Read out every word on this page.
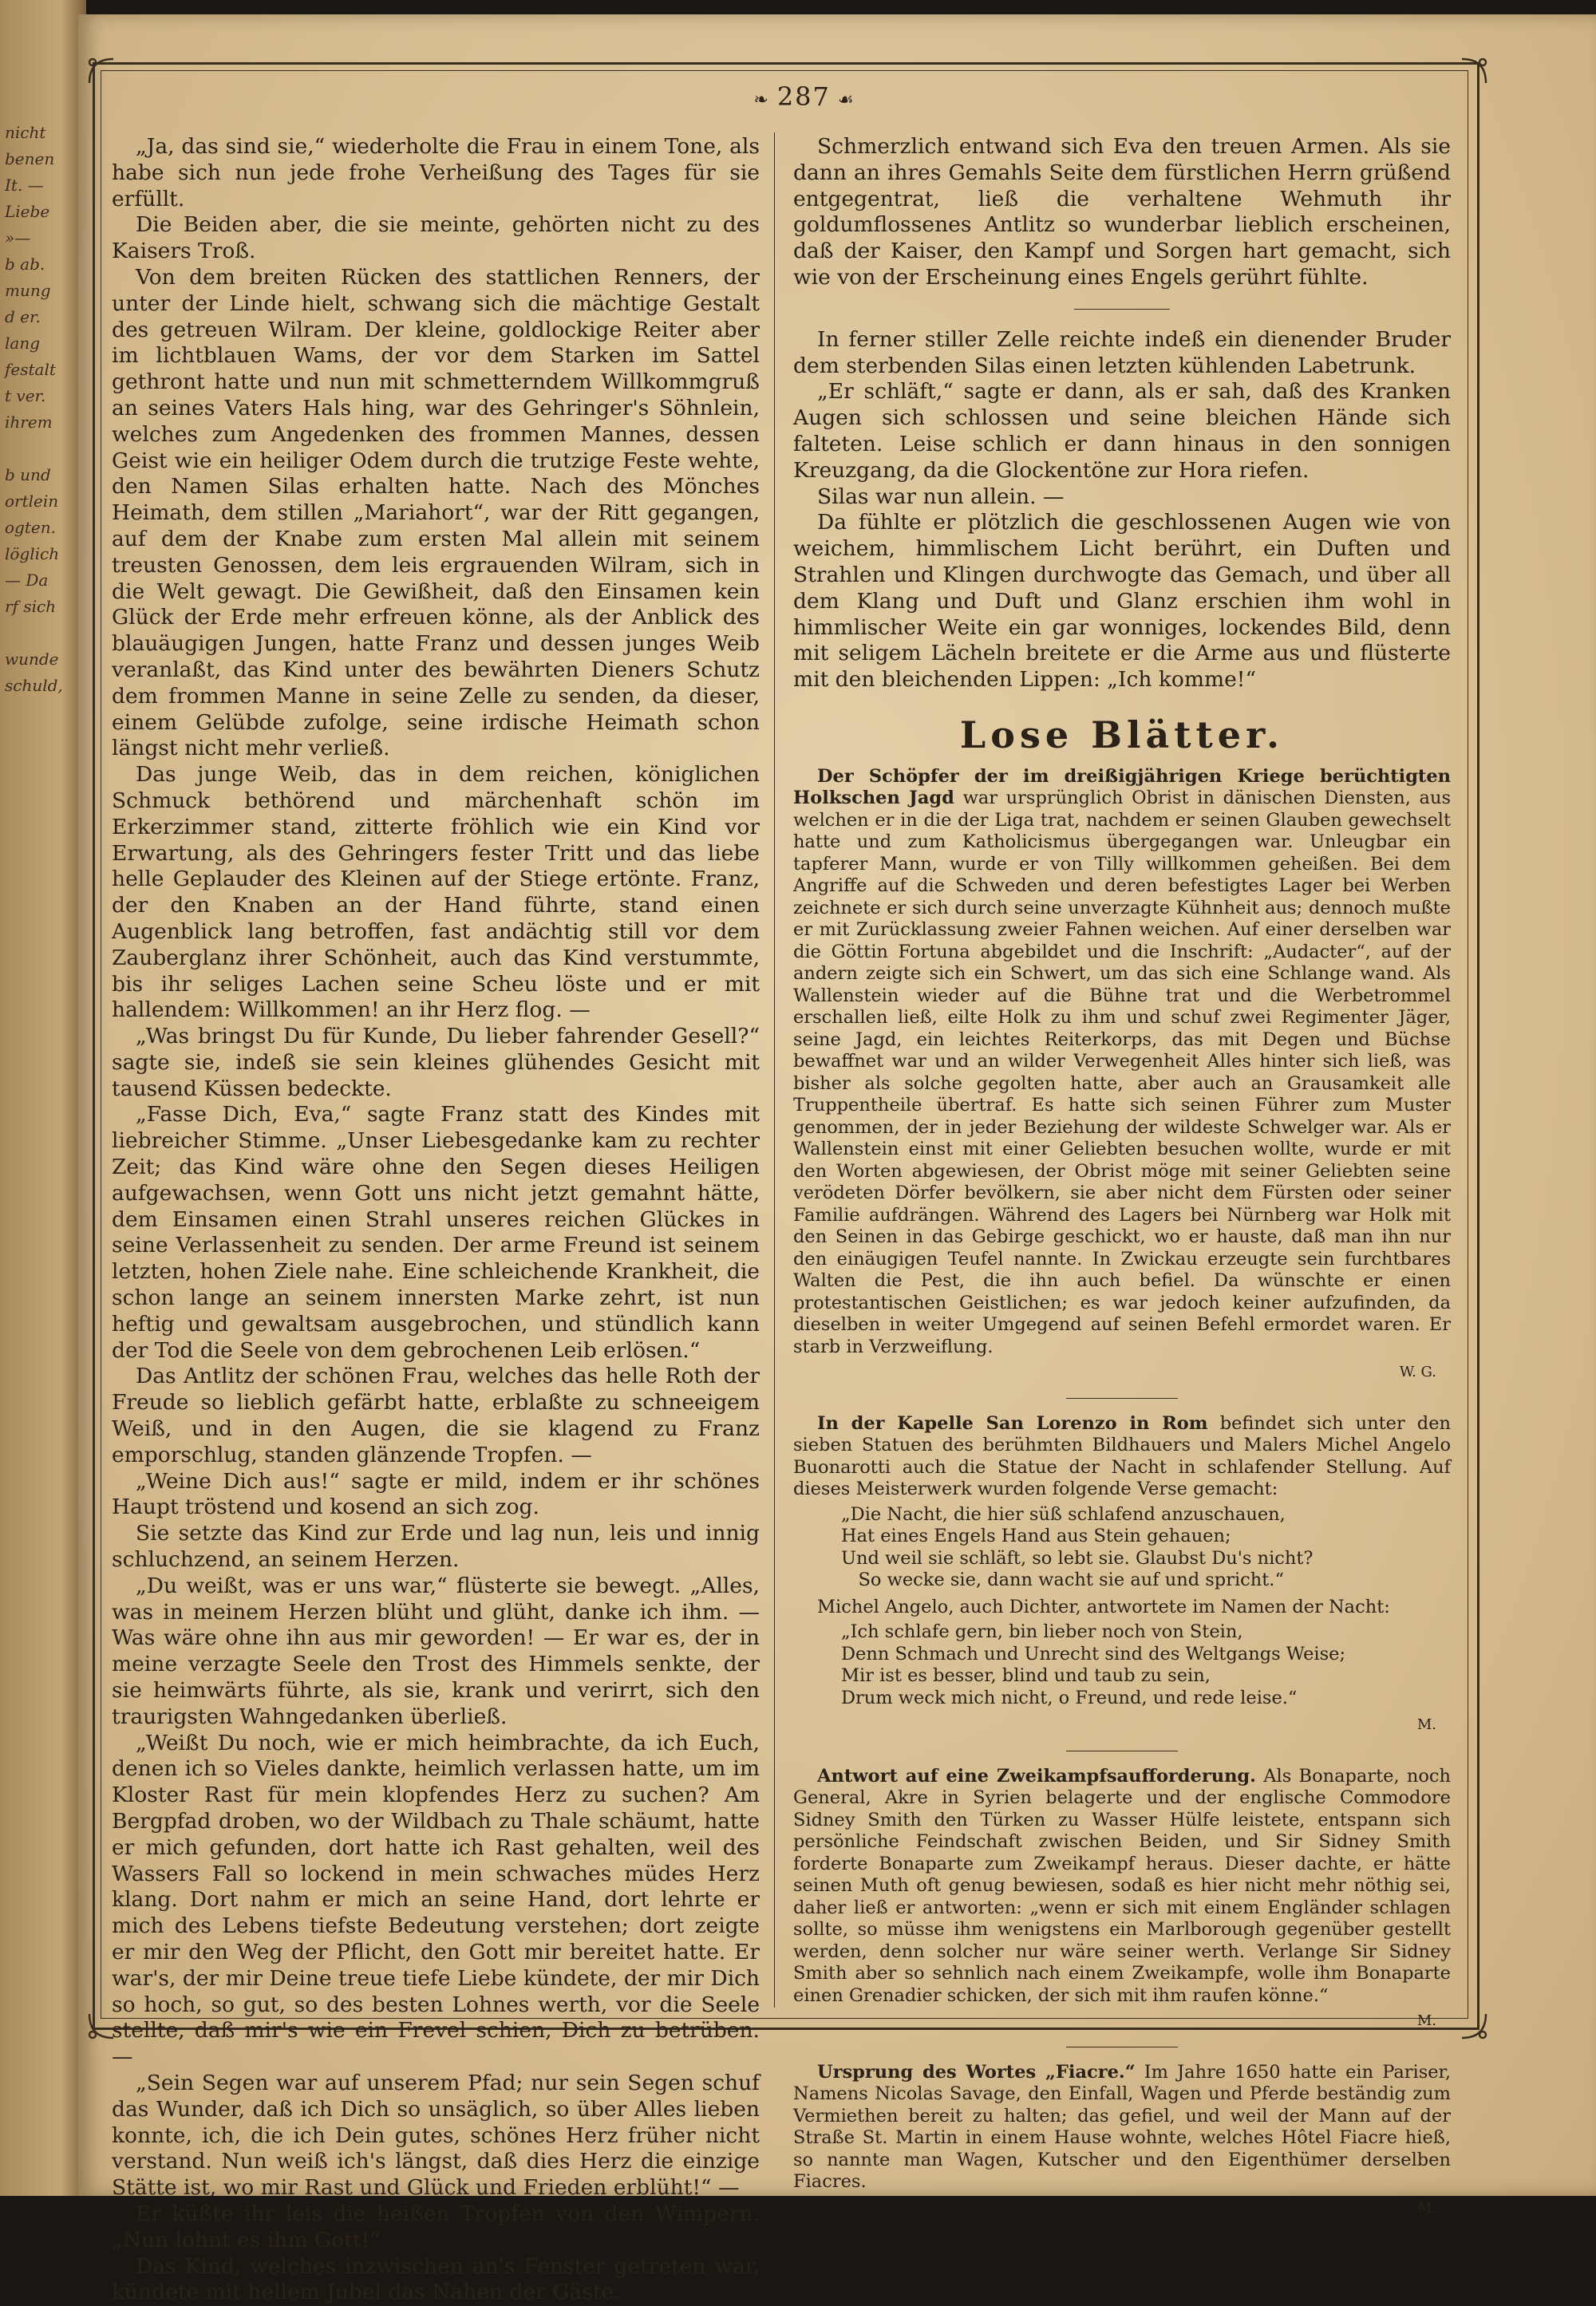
nicht
benen
It. —
Liebe
»—
b ab.
mung
d er.
lang
festalt
t ver.
ihrem

b und
ortlein
ogten.
löglich
— Da
rf sich

wunde
schuld,
❧ 287 ☙

„Ja, das sind sie,“ wiederholte die Frau in einem Tone, als habe sich nun jede frohe Verheißung des Tages für sie erfüllt.

Die Beiden aber, die sie meinte, gehörten nicht zu des Kaisers Troß.

Von dem breiten Rücken des stattlichen Renners, der unter der Linde hielt, schwang sich die mächtige Gestalt des getreuen Wilram. Der kleine, goldlockige Reiter aber im lichtblauen Wams, der vor dem Starken im Sattel gethront hatte und nun mit schmetterndem Willkommgruß an seines Vaters Hals hing, war des Gehringer's Söhnlein, welches zum Angedenken des frommen Mannes, dessen Geist wie ein heiliger Odem durch die trutzige Feste wehte, den Namen Silas erhalten hatte. Nach des Mönches Heimath, dem stillen „Mariahort“, war der Ritt gegangen, auf dem der Knabe zum ersten Mal allein mit seinem treusten Genossen, dem leis ergrauenden Wilram, sich in die Welt gewagt. Die Gewißheit, daß den Einsamen kein Glück der Erde mehr erfreuen könne, als der Anblick des blauäugigen Jungen, hatte Franz und dessen junges Weib veranlaßt, das Kind unter des bewährten Dieners Schutz dem frommen Manne in seine Zelle zu senden, da dieser, einem Gelübde zufolge, seine irdische Heimath schon längst nicht mehr verließ.

Das junge Weib, das in dem reichen, königlichen Schmuck bethörend und märchenhaft schön im Erkerzimmer stand, zitterte fröhlich wie ein Kind vor Erwartung, als des Gehringers fester Tritt und das liebe helle Geplauder des Kleinen auf der Stiege ertönte. Franz, der den Knaben an der Hand führte, stand einen Augenblick lang betroffen, fast andächtig still vor dem Zauberglanz ihrer Schönheit, auch das Kind verstummte, bis ihr seliges Lachen seine Scheu löste und er mit hallendem: Willkommen! an ihr Herz flog. —

„Was bringst Du für Kunde, Du lieber fahrender Gesell?“ sagte sie, indeß sie sein kleines glühendes Gesicht mit tausend Küssen bedeckte.

„Fasse Dich, Eva,“ sagte Franz statt des Kindes mit liebreicher Stimme. „Unser Liebesgedanke kam zu rechter Zeit; das Kind wäre ohne den Segen dieses Heiligen aufgewachsen, wenn Gott uns nicht jetzt gemahnt hätte, dem Einsamen einen Strahl unseres reichen Glückes in seine Verlassenheit zu senden. Der arme Freund ist seinem letzten, hohen Ziele nahe. Eine schleichende Krankheit, die schon lange an seinem innersten Marke zehrt, ist nun heftig und gewaltsam ausgebrochen, und stündlich kann der Tod die Seele von dem gebrochenen Leib erlösen.“

Das Antlitz der schönen Frau, welches das helle Roth der Freude so lieblich gefärbt hatte, erblaßte zu schneeigem Weiß, und in den Augen, die sie klagend zu Franz emporschlug, standen glänzende Tropfen. —

„Weine Dich aus!“ sagte er mild, indem er ihr schönes Haupt tröstend und kosend an sich zog.

Sie setzte das Kind zur Erde und lag nun, leis und innig schluchzend, an seinem Herzen.

„Du weißt, was er uns war,“ flüsterte sie bewegt. „Alles, was in meinem Herzen blüht und glüht, danke ich ihm. — Was wäre ohne ihn aus mir geworden! — Er war es, der in meine verzagte Seele den Trost des Himmels senkte, der sie heimwärts führte, als sie, krank und verirrt, sich den traurigsten Wahngedanken überließ.

„Weißt Du noch, wie er mich heimbrachte, da ich Euch, denen ich so Vieles dankte, heimlich verlassen hatte, um im Kloster Rast für mein klopfendes Herz zu suchen? Am Bergpfad droben, wo der Wildbach zu Thale schäumt, hatte er mich gefunden, dort hatte ich Rast gehalten, weil des Wassers Fall so lockend in mein schwaches müdes Herz klang. Dort nahm er mich an seine Hand, dort lehrte er mich des Lebens tiefste Bedeutung verstehen; dort zeigte er mir den Weg der Pflicht, den Gott mir bereitet hatte. Er war's, der mir Deine treue tiefe Liebe kündete, der mir Dich so hoch, so gut, so des besten Lohnes werth, vor die Seele stellte, daß mir's wie ein Frevel schien, Dich zu betrüben. —

„Sein Segen war auf unserem Pfad; nur sein Segen schuf das Wunder, daß ich Dich so unsäglich, so über Alles lieben konnte, ich, die ich Dein gutes, schönes Herz früher nicht verstand. Nun weiß ich's längst, daß dies Herz die einzige Stätte ist, wo mir Rast und Glück und Frieden erblüht!“ —

Er küßte ihr leis die heißen Tropfen von den Wimpern. „Nun lohnt es ihm Gott!“

Das Kind, welches inzwischen an's Fenster getreten war, kündete mit hellem Jubel das Nahen der Gäste.

Schmerzlich entwand sich Eva den treuen Armen. Als sie dann an ihres Gemahls Seite dem fürstlichen Herrn grüßend entgegentrat, ließ die verhaltene Wehmuth ihr goldumflossenes Antlitz so wunderbar lieblich erscheinen, daß der Kaiser, den Kampf und Sorgen hart gemacht, sich wie von der Erscheinung eines Engels gerührt fühlte.

In ferner stiller Zelle reichte indeß ein dienender Bruder dem sterbenden Silas einen letzten kühlenden Labetrunk.

„Er schläft,“ sagte er dann, als er sah, daß des Kranken Augen sich schlossen und seine bleichen Hände sich falteten. Leise schlich er dann hinaus in den sonnigen Kreuzgang, da die Glockentöne zur Hora riefen.

Silas war nun allein. —

Da fühlte er plötzlich die geschlossenen Augen wie von weichem, himmlischem Licht berührt, ein Duften und Strahlen und Klingen durchwogte das Gemach, und über all dem Klang und Duft und Glanz erschien ihm wohl in himmlischer Weite ein gar wonniges, lockendes Bild, denn mit seligem Lächeln breitete er die Arme aus und flüsterte mit den bleichenden Lippen: „Ich komme!“

Lose Blätter.

Der Schöpfer der im dreißigjährigen Kriege berüchtigten Holkschen Jagd war ursprünglich Obrist in dänischen Diensten, aus welchen er in die der Liga trat, nachdem er seinen Glauben gewechselt hatte und zum Katholicismus übergegangen war. Unleugbar ein tapferer Mann, wurde er von Tilly willkommen geheißen. Bei dem Angriffe auf die Schweden und deren befestigtes Lager bei Werben zeichnete er sich durch seine unverzagte Kühnheit aus; dennoch mußte er mit Zurücklassung zweier Fahnen weichen. Auf einer derselben war die Göttin Fortuna abgebildet und die Inschrift: „Audacter“, auf der andern zeigte sich ein Schwert, um das sich eine Schlange wand. Als Wallenstein wieder auf die Bühne trat und die Werbetrommel erschallen ließ, eilte Holk zu ihm und schuf zwei Regimenter Jäger, seine Jagd, ein leichtes Reiterkorps, das mit Degen und Büchse bewaffnet war und an wilder Verwegenheit Alles hinter sich ließ, was bisher als solche gegolten hatte, aber auch an Grausamkeit alle Truppentheile übertraf. Es hatte sich seinen Führer zum Muster genommen, der in jeder Beziehung der wildeste Schwelger war. Als er Wallenstein einst mit einer Geliebten besuchen wollte, wurde er mit den Worten abgewiesen, der Obrist möge mit seiner Geliebten seine verödeten Dörfer bevölkern, sie aber nicht dem Fürsten oder seiner Familie aufdrängen. Während des Lagers bei Nürnberg war Holk mit den Seinen in das Gebirge geschickt, wo er hauste, daß man ihn nur den einäugigen Teufel nannte. In Zwickau erzeugte sein furchtbares Walten die Pest, die ihn auch befiel. Da wünschte er einen protestantischen Geistlichen; es war jedoch keiner aufzufinden, da dieselben in weiter Umgegend auf seinen Befehl ermordet waren. Er starb in Verzweiflung.

W. G.

In der Kapelle San Lorenzo in Rom befindet sich unter den sieben Statuen des berühmten Bildhauers und Malers Michel Angelo Buonarotti auch die Statue der Nacht in schlafender Stellung. Auf dieses Meisterwerk wurden folgende Verse gemacht:

„Die Nacht, die hier süß schlafend anzuschauen,
Hat eines Engels Hand aus Stein gehauen;
Und weil sie schläft, so lebt sie. Glaubst Du's nicht?
So wecke sie, dann wacht sie auf und spricht.“

Michel Angelo, auch Dichter, antwortete im Namen der Nacht:

„Ich schlafe gern, bin lieber noch von Stein,
Denn Schmach und Unrecht sind des Weltgangs Weise;
Mir ist es besser, blind und taub zu sein,
Drum weck mich nicht, o Freund, und rede leise.“
M.

Antwort auf eine Zweikampfsaufforderung. Als Bonaparte, noch General, Akre in Syrien belagerte und der englische Commodore Sidney Smith den Türken zu Wasser Hülfe leistete, entspann sich persönliche Feindschaft zwischen Beiden, und Sir Sidney Smith forderte Bonaparte zum Zweikampf heraus. Dieser dachte, er hätte seinen Muth oft genug bewiesen, sodaß es hier nicht mehr nöthig sei, daher ließ er antworten: „wenn er sich mit einem Engländer schlagen sollte, so müsse ihm wenigstens ein Marlborough gegenüber gestellt werden, denn solcher nur wäre seiner werth. Verlange Sir Sidney Smith aber so sehnlich nach einem Zweikampfe, wolle ihm Bonaparte einen Grenadier schicken, der sich mit ihm raufen könne.“

M.

Ursprung des Wortes „Fiacre.“ Im Jahre 1650 hatte ein Pariser, Namens Nicolas Savage, den Einfall, Wagen und Pferde beständig zum Vermiethen bereit zu halten; das gefiel, und weil der Mann auf der Straße St. Martin in einem Hause wohnte, welches Hôtel Fiacre hieß, so nannte man Wagen, Kutscher und den Eigenthümer derselben Fiacres.

M.
